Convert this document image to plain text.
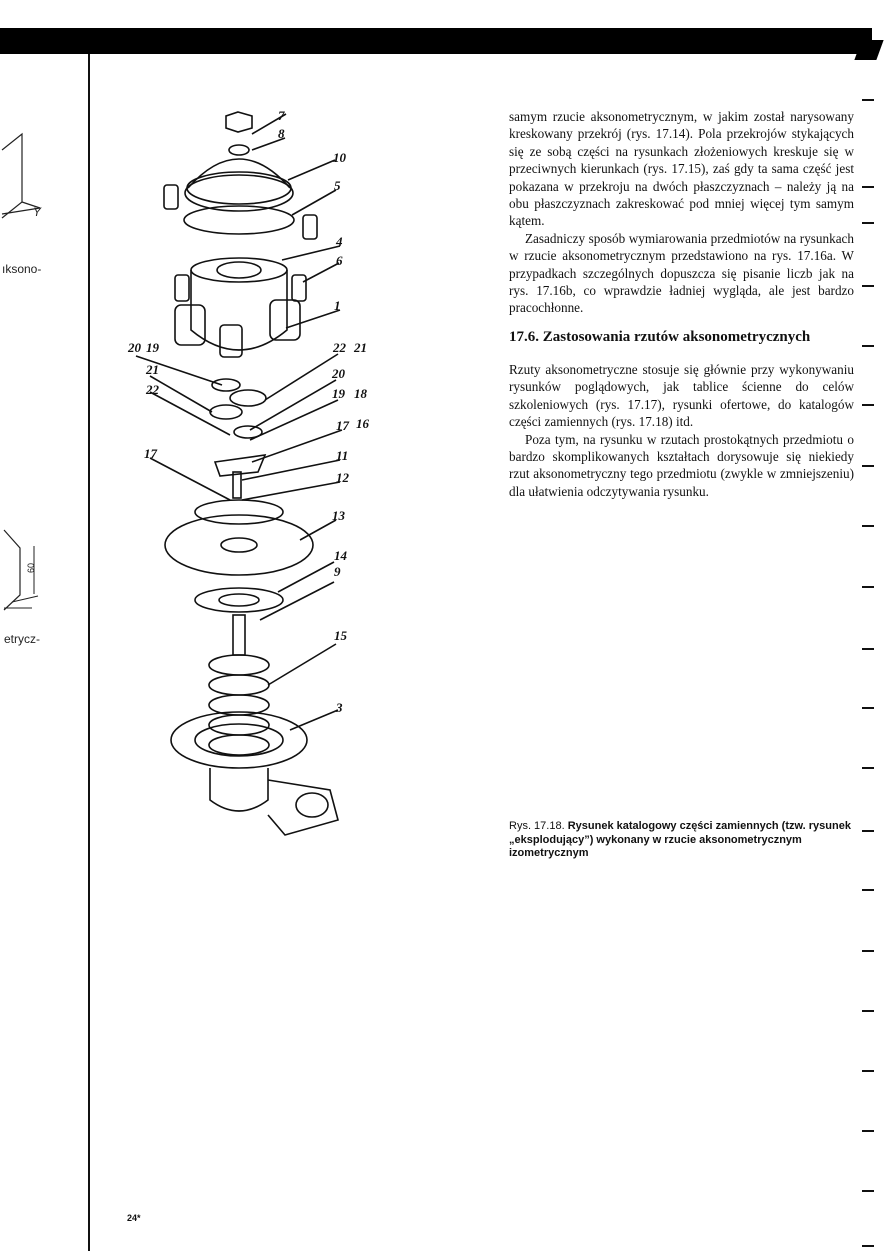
Y
ıksono-
60
etrycz-
7
8
10
5
4
6
1
20 19	22 21
21	20
22	19 18
17 16
17	11
12
13
14
9
15
3

samym rzucie aksonometrycznym, w jakim został narysowany kreskowany przekrój (rys. 17.14). Pola przekrojów stykających się ze sobą części na rysunkach złożeniowych kreskuje się w przeciwnych kierunkach (rys. 17.15), zaś gdy ta sama część jest pokazana w przekroju na dwóch płaszczyznach – należy ją na obu płaszczyznach zakreskować pod mniej więcej tym samym kątem.

Zasadniczy sposób wymiarowania przedmiotów na rysunkach w rzucie aksonometrycznym przedstawiono na rys. 17.16a. W przypadkach szczególnych dopuszcza się pisanie liczb jak na rys. 17.16b, co wprawdzie ładniej wygląda, ale jest bardzo pracochłonne.

17.6. Zastosowania rzutów aksonometrycznych

Rzuty aksonometryczne stosuje się głównie przy wykonywaniu rysunków poglądowych, jak tablice ścienne do celów szkoleniowych (rys. 17.17), rysunki ofertowe, do katalogów części zamiennych (rys. 17.18) itd.

Poza tym, na rysunku w rzutach prostokątnych przedmiotu o bardzo skomplikowanych kształtach dorysowuje się niekiedy rzut aksonometryczny tego przedmiotu (zwykle w zmniejszeniu) dla ułatwienia odczytywania rysunku.

Rys. 17.18. Rysunek katalogowy części zamiennych (tzw. rysunek „eksplodujący”) wykonany w rzucie aksonometrycznym izometrycznym
24*
